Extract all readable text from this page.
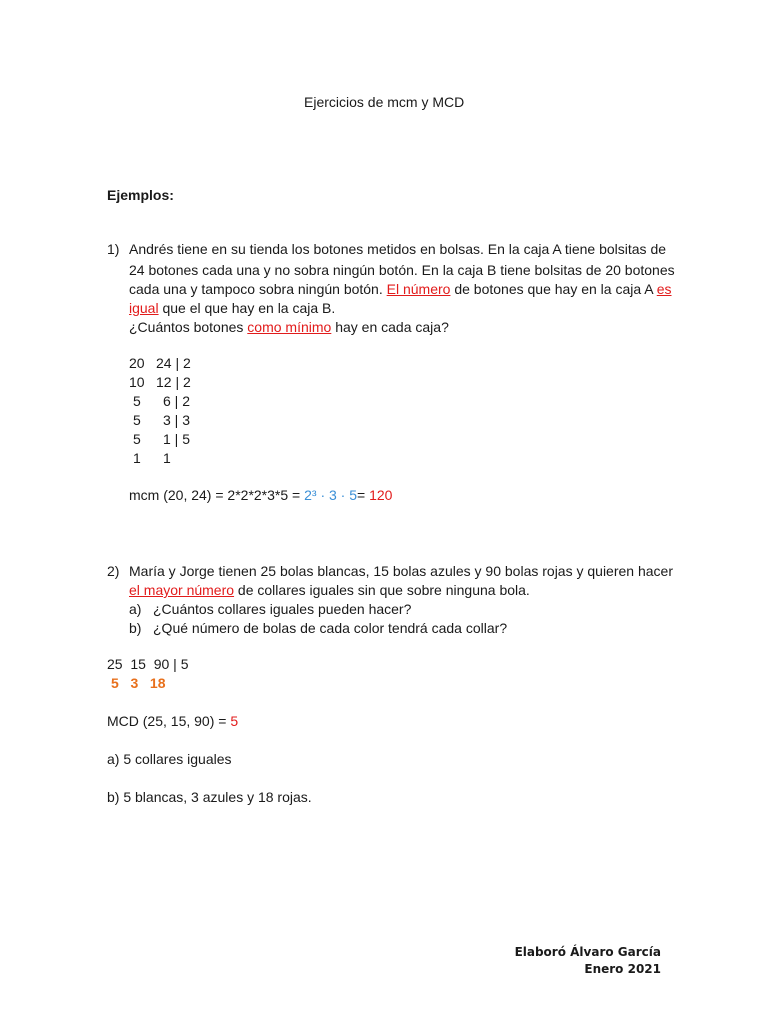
Ejercicios de mcm y MCD
Ejemplos:
1) Andrés tiene en su tienda los botones metidos en bolsas. En la caja A tiene bolsitas de
24 botones cada una y no sobra ningún botón. En la caja B tiene bolsitas de 20 botones
cada una y tampoco sobra ningún botón. El número de botones que hay en la caja A es
igual que el que hay en la caja B.
¿Cuántos botones como mínimo hay en cada caja?
20 24 | 2
10 12 | 2
5 6 | 2
5 3 | 3
5 1 | 5
1 1
mcm (20, 24) = 2*2*2*3*5 = 2³ · 3 · 5= 120
2) María y Jorge tienen 25 bolas blancas, 15 bolas azules y 90 bolas rojas y quieren hacer
el mayor número de collares iguales sin que sobre ninguna bola.
a) ¿Cuántos collares iguales pueden hacer?
b) ¿Qué número de bolas de cada color tendrá cada collar?
25  15  90 | 5
5   3   18
MCD (25, 15, 90) = 5
a) 5 collares iguales
b) 5 blancas, 3 azules y 18 rojas.
Elaboró Álvaro García
Enero 2021
